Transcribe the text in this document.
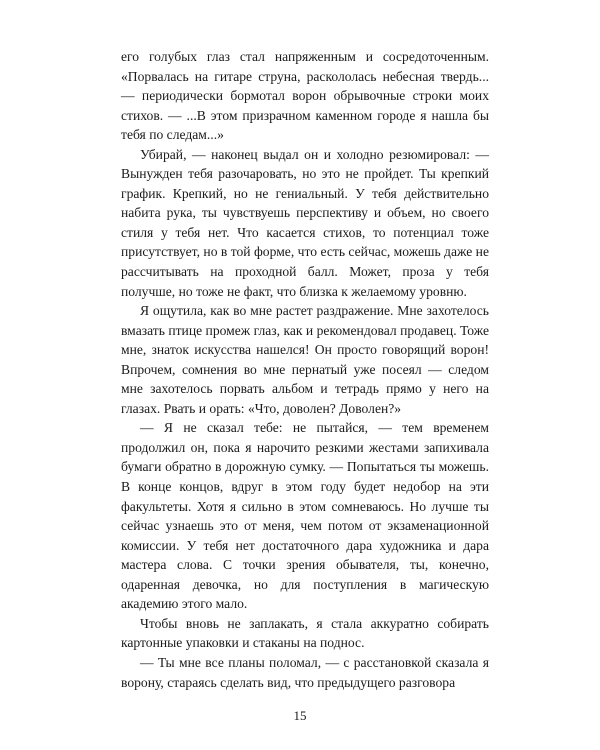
его голубых глаз стал напряженным и сосредоточенным. «Порвалась на гитаре струна, раскололась небесная твердь... — периодически бормотал ворон обрывочные строки моих стихов. — ...В этом призрачном каменном городе я нашла бы тебя по следам...»

Убирай, — наконец выдал он и холодно резюмировал: — Вынужден тебя разочаровать, но это не пройдет. Ты крепкий график. Крепкий, но не гениальный. У тебя действительно набита рука, ты чувствуешь перспективу и объем, но своего стиля у тебя нет. Что касается стихов, то потенциал тоже присутствует, но в той форме, что есть сейчас, можешь даже не рассчитывать на проходной балл. Может, проза у тебя получше, но тоже не факт, что близка к желаемому уровню.

Я ощутила, как во мне растет раздражение. Мне захотелось вмазать птице промеж глаз, как и рекомендовал продавец. Тоже мне, знаток искусства нашелся! Он просто говорящий ворон! Впрочем, сомнения во мне пернатый уже посеял — следом мне захотелось порвать альбом и тетрадь прямо у него на глазах. Рвать и орать: «Что, доволен? Доволен?»

— Я не сказал тебе: не пытайся, — тем временем продолжил он, пока я нарочито резкими жестами запихивала бумаги обратно в дорожную сумку. — Попытаться ты можешь. В конце концов, вдруг в этом году будет недобор на эти факультеты. Хотя я сильно в этом сомневаюсь. Но лучше ты сейчас узнаешь это от меня, чем потом от экзаменационной комиссии. У тебя нет достаточного дара художника и дара мастера слова. С точки зрения обывателя, ты, конечно, одаренная девочка, но для поступления в магическую академию этого мало.

Чтобы вновь не заплакать, я стала аккуратно собирать картонные упаковки и стаканы на поднос.

— Ты мне все планы поломал, — с расстановкой сказала я ворону, стараясь сделать вид, что предыдущего разговора

15
